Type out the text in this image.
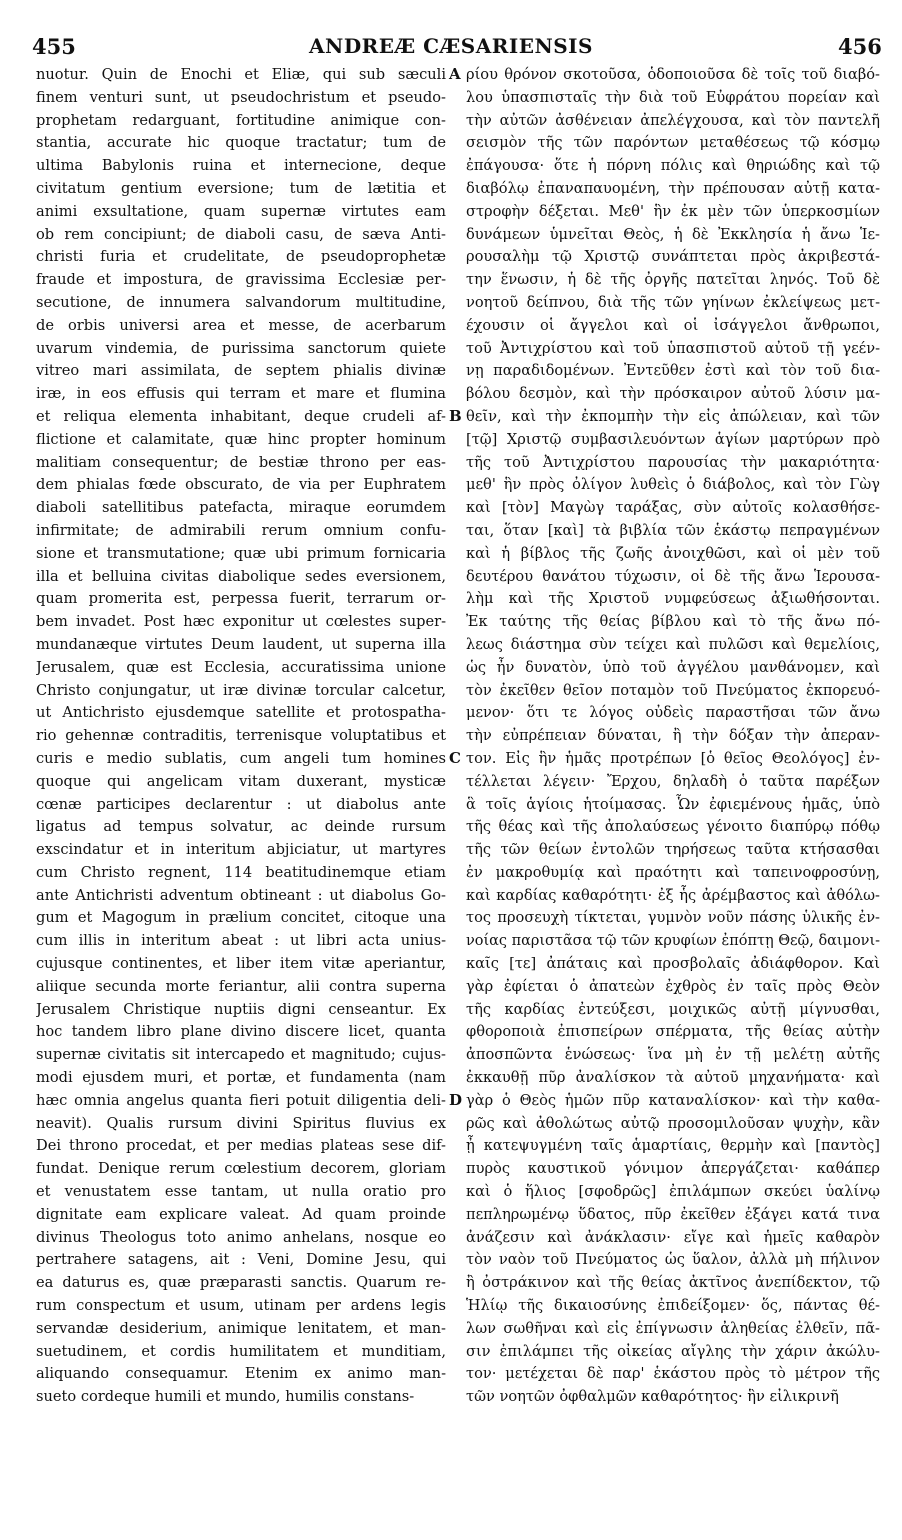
455	ANDREÆ CÆSARIENSIS	456
nuotur. Quin de Enochi et Eliæ, qui sub sæculi
finem venturi sunt, ut pseudochristum et pseudo-
prophetam redarguant, fortitudine animique con-
stantia, accurate hic quoque tractatur; tum de
ultima Babylonis ruina et internecione, deque
civitatum gentium eversione; tum de lætitia et
animi exsultatione, quam supernæ virtutes eam
ob rem concipiunt; de diaboli casu, de sæva Anti-
christi furia et crudelitate, de pseudoprophetæ
fraude et impostura, de gravissima Ecclesiæ per-
secutione, de innumera salvandorum multitudine,
de orbis universi area et messe, de acerbarum
uvarum vindemia, de purissima sanctorum quiete
vitreo mari assimilata, de septem phialis divinæ
iræ, in eos effusis qui terram et mare et flumina
et reliqua elementa inhabitant, deque crudeli af-
flictione et calamitate, quæ hinc propter hominum
malitiam consequentur; de bestiæ throno per eas-
dem phialas fœde obscurato, de via per Euphratem
diaboli satellitibus patefacta, miraque eorumdem
infirmitate; de admirabili rerum omnium confu-
sione et transmutatione; quæ ubi primum fornicaria
illa et belluina civitas diabolique sedes eversionem,
quam promerita est, perpessa fuerit, terrarum or-
bem invadet. Post hæc exponitur ut cœlestes super-
mundanæque virtutes Deum laudent, ut superna illa
Jerusalem, quæ est Ecclesia, accuratissima unione
Christo conjungatur, ut iræ divinæ torcular calcetur,
ut Antichristo ejusdemque satellite et protospatha-
rio gehennæ contraditis, terrenisque voluptatibus et
curis e medio sublatis, cum angeli tum homines
quoque qui angelicam vitam duxerant, mysticæ
cœnæ participes declarentur : ut diabolus ante
ligatus ad tempus solvatur, ac deinde rursum
exscindatur et in interitum abjiciatur, ut martyres
cum Christo regnent, 114 beatitudinemque etiam
ante Antichristi adventum obtineant : ut diabolus Go-
gum et Magogum in prælium concitet, citoque una
cum illis in interitum abeat : ut libri acta unius-
cujusque continentes, et liber item vitæ aperiantur,
aliique secunda morte feriantur, alii contra superna
Jerusalem Christique nuptiis digni censeantur. Ex
hoc tandem libro plane divino discere licet, quanta
supernæ civitatis sit intercapedo et magnitudo; cujus-
modi ejusdem muri, et portæ, et fundamenta (nam
hæc omnia angelus quanta fieri potuit diligentia deli-
neavit). Qualis rursum divini Spiritus fluvius ex
Dei throno procedat, et per medias plateas sese dif-
fundat. Denique rerum cœlestium decorem, gloriam
et venustatem esse tantam, ut nulla oratio pro
dignitate eam explicare valeat. Ad quam proinde
divinus Theologus toto animo anhelans, nosque eo
pertrahere satagens, ait : Veni, Domine Jesu, qui
ea daturus es, quæ præparasti sanctis. Quarum re-
rum conspectum et usum, utinam per ardens legis
servandæ desiderium, animique lenitatem, et man-
suetudinem, et cordis humilitatem et munditiam,
aliquando consequamur. Etenim ex animo man-
sueto cordeque humili et mundo, humilis constans-
ρίου θρόνον σκοτοῦσα, ὁδοποιοῦσα δὲ τοῖς τοῦ διαβό-
λου ὑπασπισταῖς τὴν διὰ τοῦ Εὐφράτου πορείαν καὶ
τὴν αὐτῶν ἀσθένειαν ἀπελέγχουσα, καὶ τὸν παντελῆ
σεισμὸν τῆς τῶν παρόντων μεταθέσεως τῷ κόσμῳ
ἐπάγουσα· ὅτε ἡ πόρνη πόλις καὶ θηριώδης καὶ τῷ
διαβόλῳ ἐπαναπαυομένη, τὴν πρέπουσαν αὐτῇ κατα-
στροφὴν δέξεται. Μεθ' ἣν ἐκ μὲν τῶν ὑπερκοσμίων
δυνάμεων ὑμνεῖται Θεὸς, ἡ δὲ Ἐκκλησία ἡ ἄνω Ἱε-
ρουσαλὴμ τῷ Χριστῷ συνάπτεται πρὸς ἀκριβεστά-
την ἕνωσιν, ἡ δὲ τῆς ὀργῆς πατεῖται ληνός. Τοῦ δὲ
νοητοῦ δείπνου, διὰ τῆς τῶν γηίνων ἐκλείψεως μετ-
έχουσιν οἱ ἄγγελοι καὶ οἱ ἰσάγγελοι ἄνθρωποι,
τοῦ Ἀντιχρίστου καὶ τοῦ ὑπασπιστοῦ αὐτοῦ τῇ γεέν-
νῃ παραδιδομένων. Ἐντεῦθεν ἐστὶ καὶ τὸν τοῦ δια-
βόλου δεσμὸν, καὶ τὴν πρόσκαιρον αὐτοῦ λύσιν μα-
θεῖν, καὶ τὴν ἐκπομπὴν τὴν εἰς ἀπώλειαν, καὶ τῶν
[τῷ] Χριστῷ συμβασιλευόντων ἁγίων μαρτύρων πρὸ
τῆς τοῦ Ἀντιχρίστου παρουσίας τὴν μακαριότητα·
μεθ' ἣν πρὸς ὀλίγον λυθεὶς ὁ διάβολος, καὶ τὸν Γὼγ
καὶ [τὸν] Μαγὼγ ταράξας, σὺν αὐτοῖς κολασθήσε-
ται, ὅταν [καὶ] τὰ βιβλία τῶν ἑκάστῳ πεπραγμένων
καὶ ἡ βίβλος τῆς ζωῆς ἀνοιχθῶσι, καὶ οἱ μὲν τοῦ
δευτέρου θανάτου τύχωσιν, οἱ δὲ τῆς ἄνω Ἱερουσα-
λὴμ καὶ τῆς Χριστοῦ νυμφεύσεως ἀξιωθήσονται.
Ἐκ ταύτης τῆς θείας βίβλου καὶ τὸ τῆς ἄνω πό-
λεως διάστημα σὺν τείχει καὶ πυλῶσι καὶ θεμελίοις,
ὡς ἦν δυνατὸν, ὑπὸ τοῦ ἀγγέλου μανθάνομεν, καὶ
τὸν ἐκεῖθεν θεῖον ποταμὸν τοῦ Πνεύματος ἐκπορευό-
μενον· ὅτι τε λόγος οὐδεὶς παραστῆσαι τῶν ἄνω
τὴν εὐπρέπειαν δύναται, ἢ τὴν δόξαν τὴν ἀπεραν-
τον. Εἰς ἣν ἡμᾶς προτρέπων [ὁ θεῖος Θεολόγος] ἐν-
τέλλεται λέγειν· Ἔρχου, δηλαδὴ ὁ ταῦτα παρέξων
ἃ τοῖς ἁγίοις ἡτοίμασας. Ὧν ἐφιεμένους ἡμᾶς, ὑπὸ
τῆς θέας καὶ τῆς ἀπολαύσεως γένοιτο διαπύρῳ πόθῳ
τῆς τῶν θείων ἐντολῶν τηρήσεως ταῦτα κτήσασθαι
ἐν μακροθυμίᾳ καὶ πραότητι καὶ ταπεινοφροσύνῃ,
καὶ καρδίας καθαρότητι· ἐξ ἧς ἀρέμβαστος καὶ ἀθόλω-
τος προσευχὴ τίκτεται, γυμνὸν νοῦν πάσης ὑλικῆς ἐν-
νοίας παριστᾶσα τῷ τῶν κρυφίων ἐπόπτῃ Θεῷ, δαιμονι-
καῖς [τε] ἀπάταις καὶ προσβολαῖς ἀδιάφθορον. Καὶ
γὰρ ἐφίεται ὁ ἀπατεὼν ἐχθρὸς ἐν ταῖς πρὸς Θεὸν
τῆς καρδίας ἐντεύξεσι, μοιχικῶς αὐτῇ μίγνυσθαι,
φθοροποιὰ ἐπισπείρων σπέρματα, τῆς θείας αὐτὴν
ἀποσπῶντα ἑνώσεως· ἵνα μὴ ἐν τῇ μελέτῃ αὐτῆς
ἐκκαυθῇ πῦρ ἀναλίσκον τὰ αὐτοῦ μηχανήματα· καὶ
γὰρ ὁ Θεὸς ἡμῶν πῦρ καταναλίσκον· καὶ τὴν καθα-
ρῶς καὶ ἀθολώτως αὐτῷ προσομιλοῦσαν ψυχὴν, κἂν
ᾖ κατεψυγμένη ταῖς ἁμαρτίαις, θερμὴν καὶ [παντὸς]
πυρὸς καυστικοῦ γόνιμον ἀπεργάζεται· καθάπερ
καὶ ὁ ἥλιος [σφοδρῶς] ἐπιλάμπων σκεύει ὑαλίνῳ
πεπληρωμένῳ ὕδατος, πῦρ ἐκεῖθεν ἐξάγει κατά τινα
ἀνάζεσιν καὶ ἀνάκλασιν· εἴγε καὶ ἡμεῖς καθαρὸν
τὸν ναὸν τοῦ Πνεύματος ὡς ὕαλον, ἀλλὰ μὴ πήλινον
ἢ ὀστράκινον καὶ τῆς θείας ἀκτῖνος ἀνεπίδεκτον, τῷ
Ἡλίῳ τῆς δικαιοσύνης ἐπιδείξομεν· ὅς, πάντας θέ-
λων σωθῆναι καὶ εἰς ἐπίγνωσιν ἀληθείας ἐλθεῖν, πᾶ-
σιν ἐπιλάμπει τῆς οἰκείας αἴγλης τὴν χάριν ἀκώλυ-
τον· μετέχεται δὲ παρ' ἑκάστου πρὸς τὸ μέτρον τῆς
τῶν νοητῶν ὀφθαλμῶν καθαρότητος· ἣν εἰλικρινῆ
A
B
C
D
